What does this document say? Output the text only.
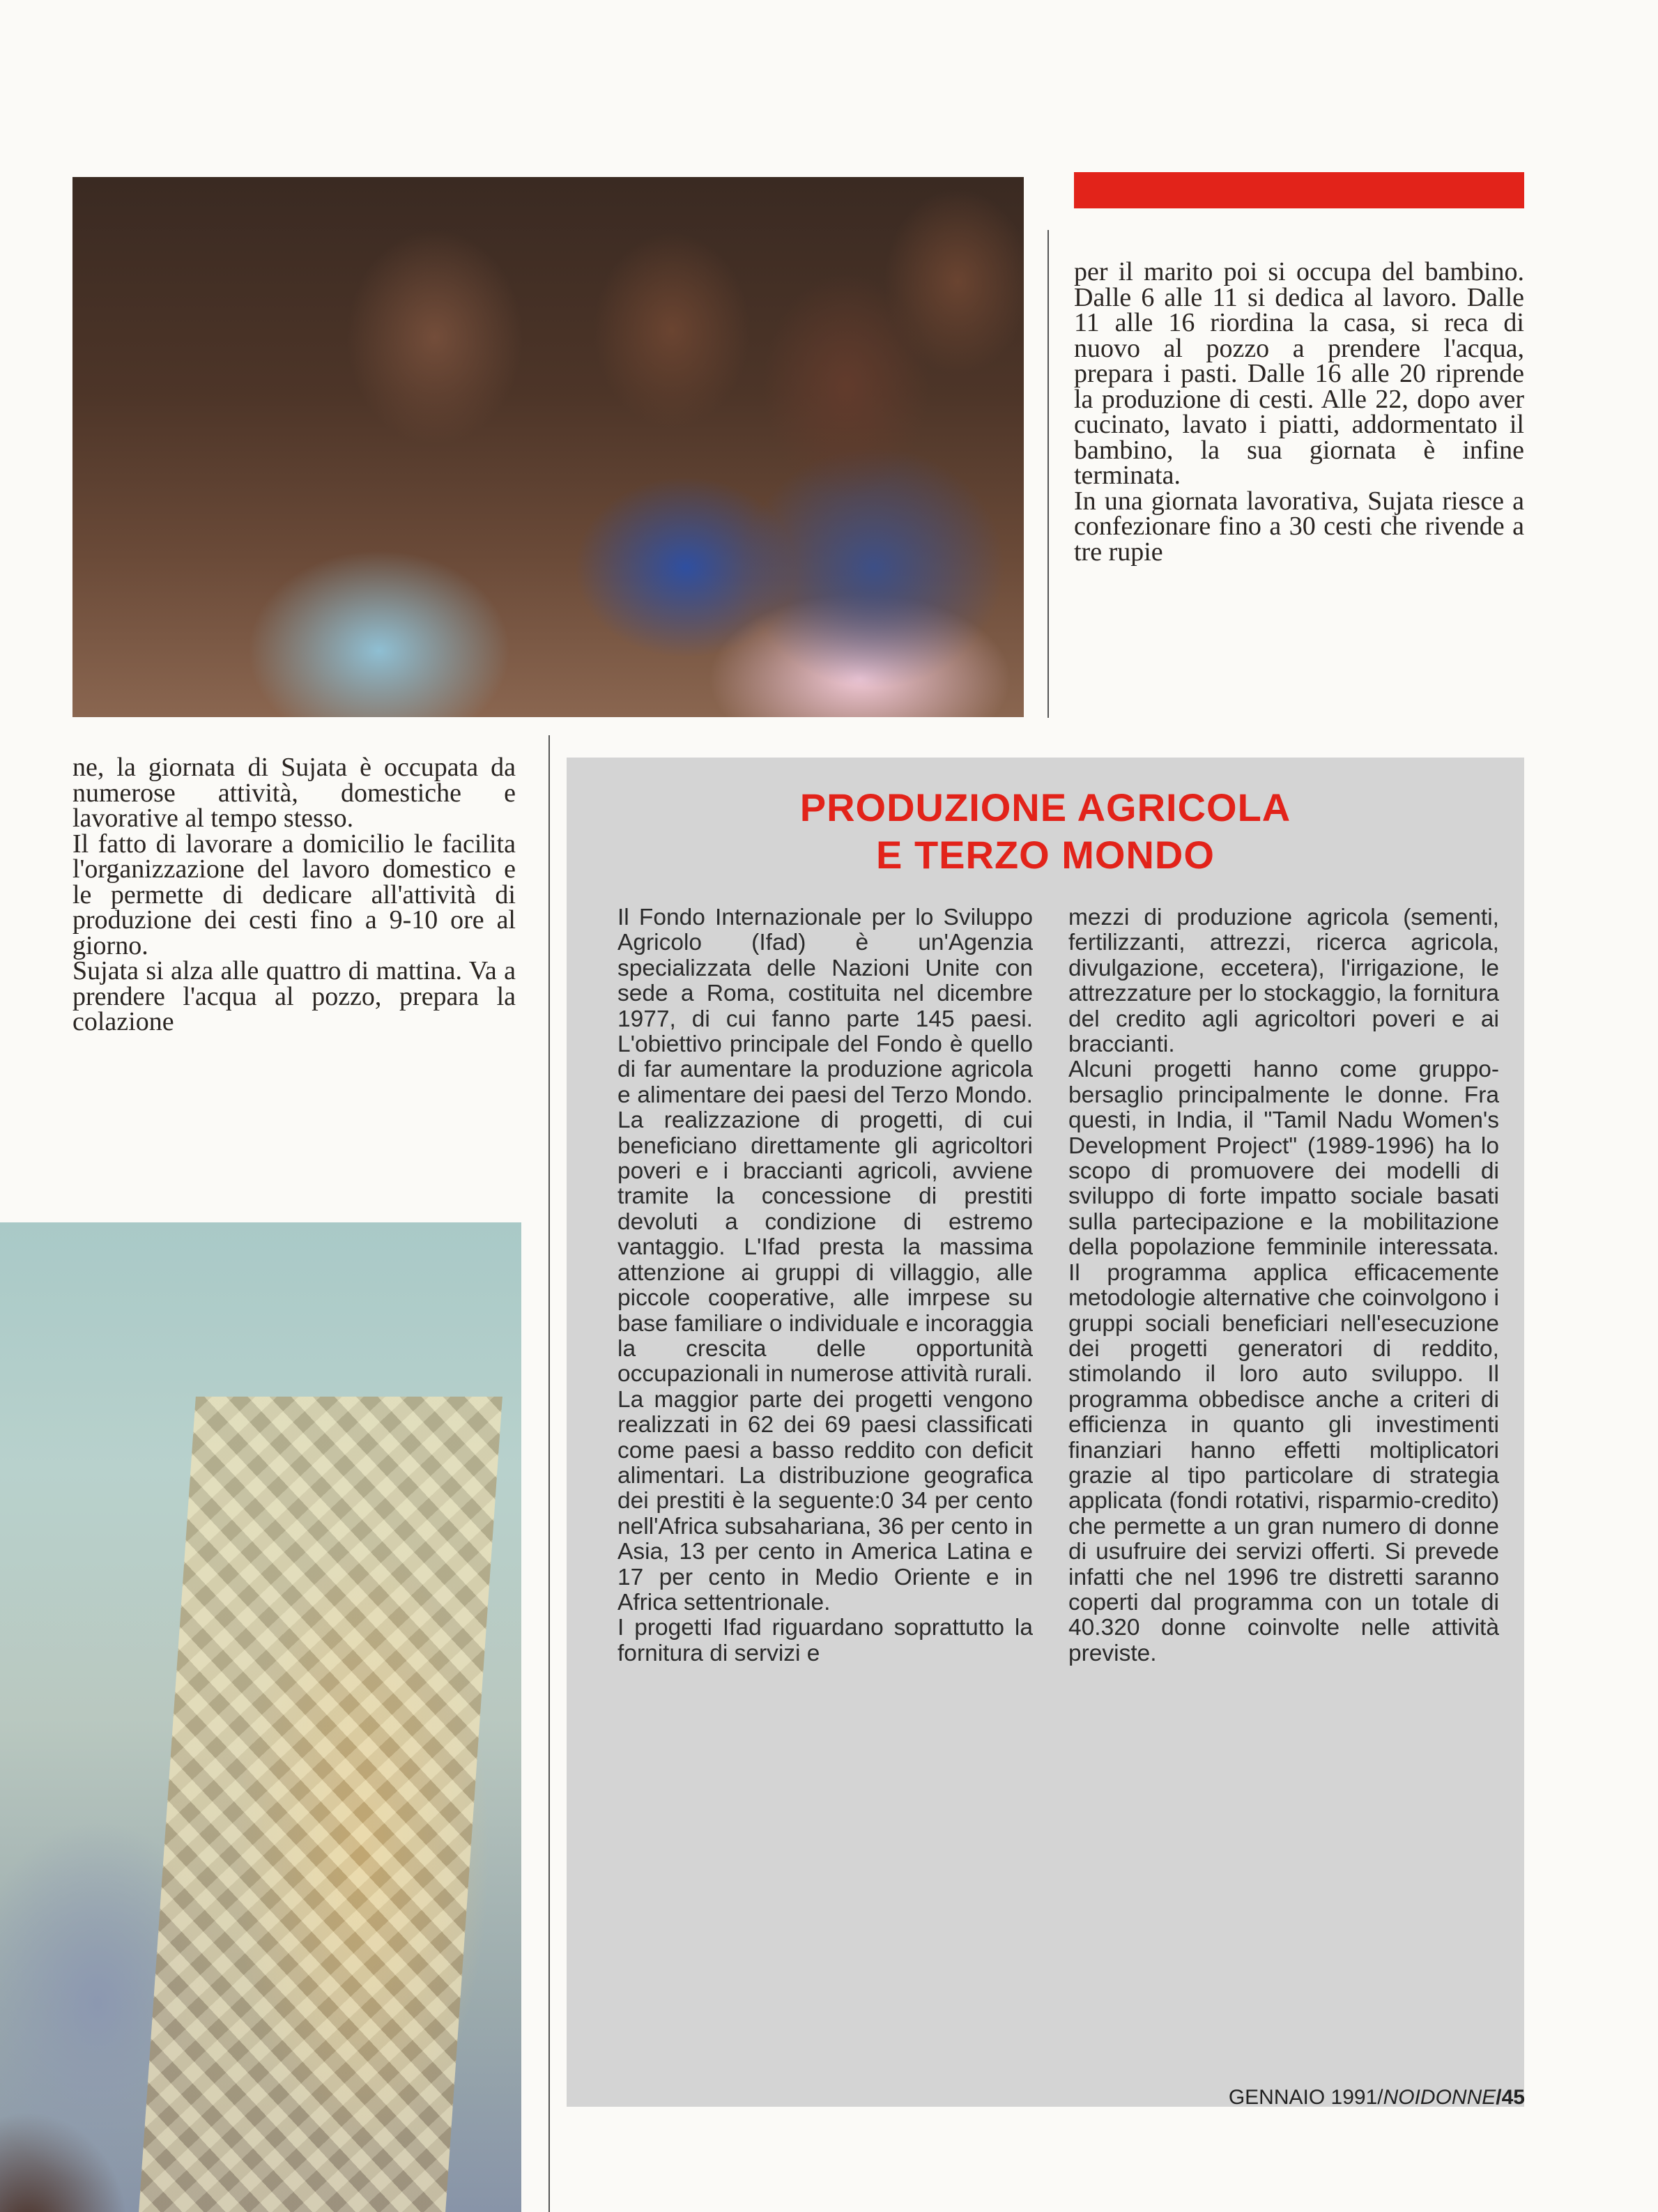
per il marito poi si occupa del bambino. Dalle 6 alle 11 si dedica al lavoro. Dalle 11 alle 16 riordina la casa, si reca di nuovo al pozzo a prendere l'acqua, prepara i pasti. Dalle 16 alle 20 riprende la produzione di cesti. Alle 22, dopo aver cucinato, lavato i piatti, addormentato il bambino, la sua giornata è infine terminata.

In una giornata lavorativa, Sujata riesce a confezionare fino a 30 cesti che rivende a tre rupie

ne, la giornata di Sujata è occupata da numerose attività, domestiche e lavorative al tempo stesso.

Il fatto di lavorare a domicilio le facilita l'organizzazione del lavoro domestico e le permette di dedicare all'attività di produzione dei cesti fino a 9-10 ore al giorno.

Sujata si alza alle quattro di mattina. Va a prendere l'acqua al pozzo, prepara la colazione

PRODUZIONE AGRICOLA
E TERZO MONDO

Il Fondo Internazionale per lo Sviluppo Agricolo (Ifad) è un'Agenzia specializzata delle Nazioni Unite con sede a Roma, costituita nel dicembre 1977, di cui fanno parte 145 paesi. L'obiettivo principale del Fondo è quello di far aumentare la produzione agricola e alimentare dei paesi del Terzo Mondo. La realizzazione di progetti, di cui beneficiano direttamente gli agricoltori poveri e i braccianti agricoli, avviene tramite la concessione di prestiti devoluti a condizione di estremo vantaggio. L'Ifad presta la massima attenzione ai gruppi di villaggio, alle piccole cooperative, alle imrpese su base familiare o individuale e incoraggia la crescita delle opportunità occupazionali in numerose attività rurali.

La maggior parte dei progetti vengono realizzati in 62 dei 69 paesi classificati come paesi a basso reddito con deficit alimentari. La distribuzione geografica dei prestiti è la seguente:0 34 per cento nell'Africa subsahariana, 36 per cento in Asia, 13 per cento in America Latina e 17 per cento in Medio Oriente e in Africa settentrionale.

I progetti Ifad riguardano soprattutto la fornitura di servizi e

mezzi di produzione agricola (sementi, fertilizzanti, attrezzi, ricerca agricola, divulgazione, eccetera), l'irrigazione, le attrezzature per lo stockaggio, la fornitura del credito agli agricoltori poveri e ai braccianti.

Alcuni progetti hanno come gruppo-bersaglio principalmente le donne. Fra questi, in India, il "Tamil Nadu Women's Development Project" (1989-1996) ha lo scopo di promuovere dei modelli di sviluppo di forte impatto sociale basati sulla partecipazione e la mobilitazione della popolazione femminile interessata. Il programma applica efficacemente metodologie alternative che coinvolgono i gruppi sociali beneficiari nell'esecuzione dei progetti generatori di reddito, stimolando il loro auto sviluppo. Il programma obbedisce anche a criteri di efficienza in quanto gli investimenti finanziari hanno effetti moltiplicatori grazie al tipo particolare di strategia applicata (fondi rotativi, risparmio-credito) che permette a un gran numero di donne di usufruire dei servizi offerti. Si prevede infatti che nel 1996 tre distretti saranno coperti dal programma con un totale di 40.320 donne coinvolte nelle attività previste.

GENNAIO 1991/NOIDONNE/45
